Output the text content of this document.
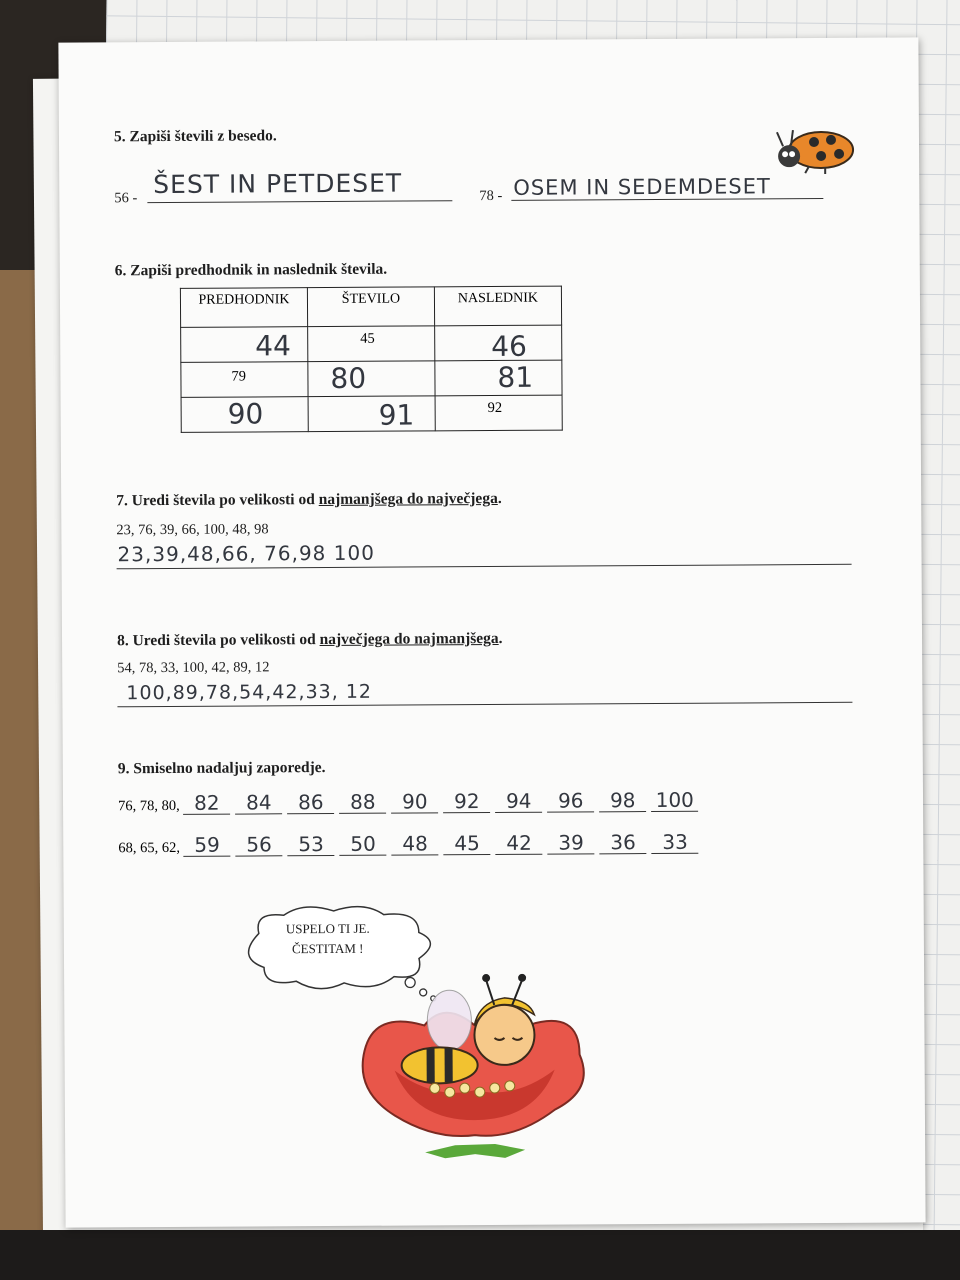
5. Zapiši števili z besedo.
56 - ŠEST IN PETDESET	78 - OSEM IN SEDEMDESET
6. Zapiši predhodnik in naslednik števila.
PREDHODNIK	ŠTEVILO	NASLEDNIK

44	45	46

79	80	81

90	91	92
7. Uredi števila po velikosti od najmanjšega do največjega.
23, 76, 39, 66, 100, 48, 98
23,39,48,66, 76,98 100
8. Uredi števila po velikosti od največjega do najmanjšega.
54, 78, 33, 100, 42, 89, 12
100,89,78,54,42,33, 12
9. Smiselno nadaljuj zaporedje.
76, 78, 80, 82 84 86 88 90 92 94 96 98 100
68, 65, 62, 59 56 53 50 48 45 42 39 36 33
USPELO TI JE.
ČESTITAM !
